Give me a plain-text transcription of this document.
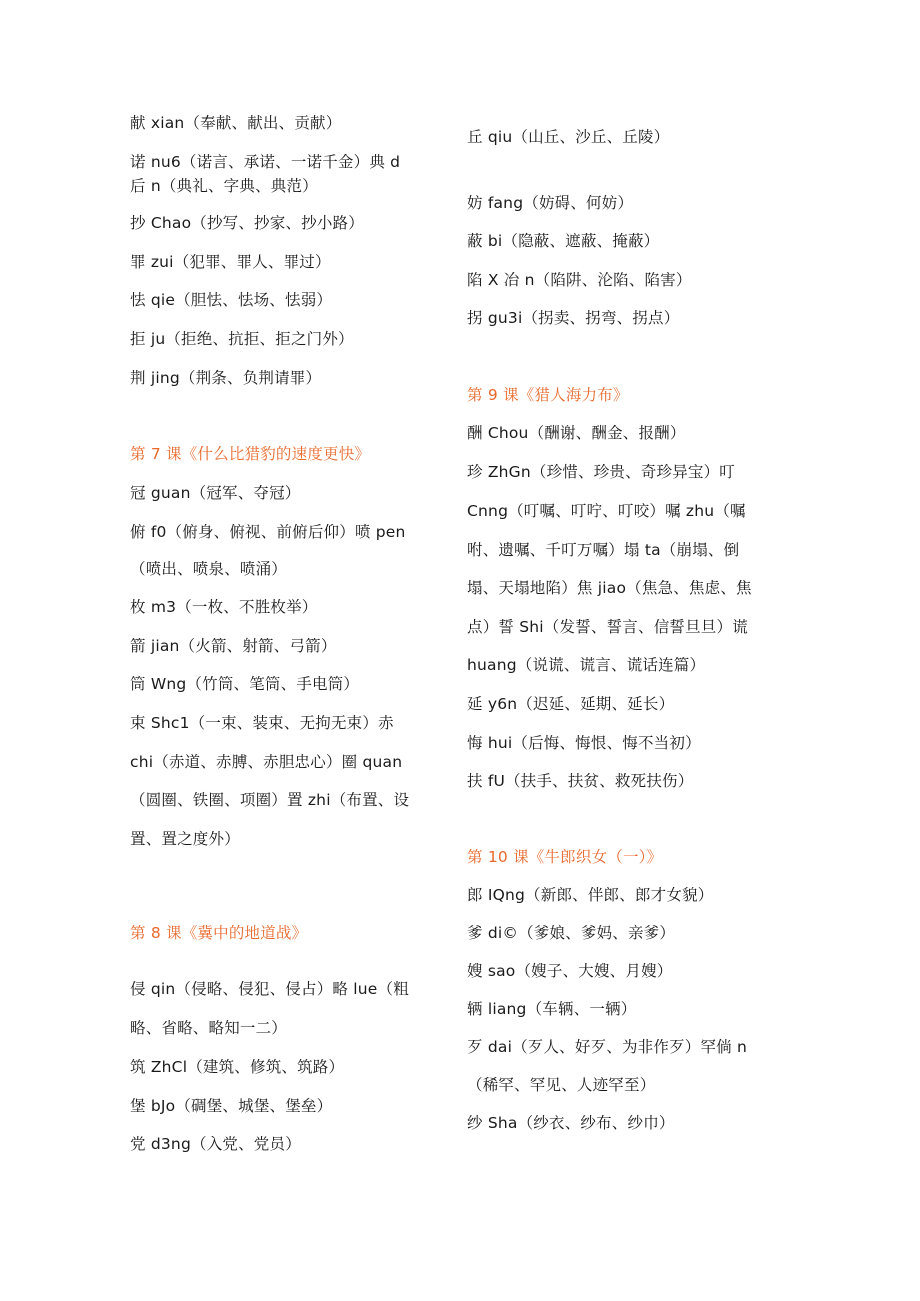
献 xian（奉献、献出、贡献）
诺 nu6（诺言、承诺、一诺千金）典 d
后 n（典礼、字典、典范）
抄 Chao（抄写、抄家、抄小路）
罪 zui（犯罪、罪人、罪过）
怯 qie（胆怯、怯场、怯弱）
拒 ju（拒绝、抗拒、拒之门外）
荆 jing（荆条、负荆请罪）
第 7 课《什么比猎豹的速度更快》
冠 guan（冠军、夺冠）
俯 f0（俯身、俯视、前俯后仰）喷 pen
（喷出、喷泉、喷涌）
枚 m3（一枚、不胜枚举）
箭 jian（火箭、射箭、弓箭）
筒 Wng（竹筒、笔筒、手电筒）
束 Shc1（一束、装束、无拘无束）赤
chi（赤道、赤膊、赤胆忠心）圈 quan
（圆圈、铁圈、项圈）置 zhi（布置、设
置、置之度外）
第 8 课《冀中的地道战》
侵 qin（侵略、侵犯、侵占）略 lue（粗
略、省略、略知一二）
筑 ZhCl（建筑、修筑、筑路）
堡 bJo（碉堡、城堡、堡垒）
党 d3ng（入党、党员）
丘 qiu（山丘、沙丘、丘陵）
妨 fang（妨碍、何妨）
蔽 bi（隐蔽、遮蔽、掩蔽）
陷 X 冶 n（陷阱、沦陷、陷害）
拐 gu3i（拐卖、拐弯、拐点）
第 9 课《猎人海力布》
酬 Chou（酬谢、酬金、报酬）
珍 ZhGn（珍惜、珍贵、奇珍异宝）叮
Cnng（叮嘱、叮咛、叮咬）嘱 zhu（嘱
咐、遗嘱、千叮万嘱）塌 ta（崩塌、倒
塌、天塌地陷）焦 jiao（焦急、焦虑、焦
点）誓 Shi（发誓、誓言、信誓旦旦）谎
huang（说谎、谎言、谎话连篇）
延 y6n（迟延、延期、延长）
悔 hui（后悔、悔恨、悔不当初）
扶 fU（扶手、扶贫、救死扶伤）
第 10 课《牛郎织女（一）》
郎 IQng（新郎、伴郎、郎才女貌）
爹 di©（爹娘、爹妈、亲爹）
嫂 sao（嫂子、大嫂、月嫂）
辆 liang（车辆、一辆）
歹 dai（歹人、好歹、为非作歹）罕倘 n
（稀罕、罕见、人迹罕至）
纱 Sha（纱衣、纱布、纱巾）
